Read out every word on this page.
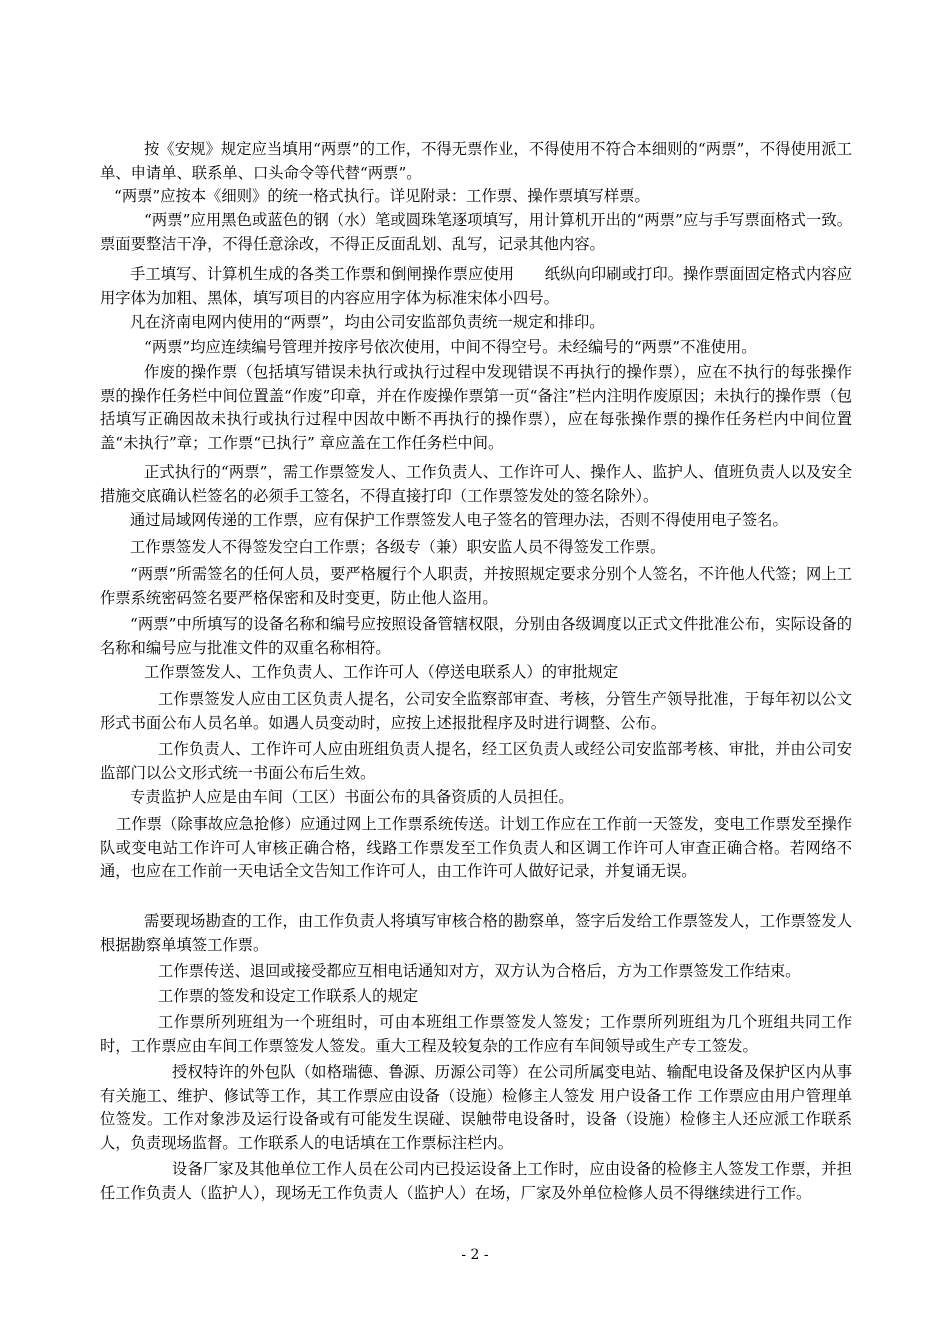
按《安规》规定应当填用“两票”的工作，不得无票作业，不得使用不符合本细则的“两票”，不得使用派工单、申请单、联系单、口头命令等代替“两票”。

“两票”应按本《细则》的统一格式执行。详见附录：工作票、操作票填写样票。

“两票”应用黑色或蓝色的钢（水）笔或圆珠笔逐项填写，用计算机开出的“两票”应与手写票面格式一致。票面要整洁干净，不得任意涂改，不得正反面乱划、乱写，记录其他内容。

手工填写、计算机生成的各类工作票和倒闸操作票应使用　　纸纵向印刷或打印。操作票面固定格式内容应用字体为加粗、黑体，填写项目的内容应用字体为标准宋体小四号。

凡在济南电网内使用的“两票”，均由公司安监部负责统一规定和排印。

“两票”均应连续编号管理并按序号依次使用，中间不得空号。未经编号的“两票”不准使用。

作废的操作票（包括填写错误未执行或执行过程中发现错误不再执行的操作票），应在不执行的每张操作票的操作任务栏中间位置盖“作废”印章，并在作废操作票第一页“备注”栏内注明作废原因；未执行的操作票（包括填写正确因故未执行或执行过程中因故中断不再执行的操作票），应在每张操作票的操作任务栏内中间位置盖“未执行”章；工作票“已执行” 章应盖在工作任务栏中间。

正式执行的“两票”，需工作票签发人、工作负责人、工作许可人、操作人、监护人、值班负责人以及安全措施交底确认栏签名的必须手工签名，不得直接打印（工作票签发处的签名除外）。

通过局域网传递的工作票，应有保护工作票签发人电子签名的管理办法，否则不得使用电子签名。

工作票签发人不得签发空白工作票；各级专（兼）职安监人员不得签发工作票。

“两票”所需签名的任何人员，要严格履行个人职责，并按照规定要求分别个人签名，不许他人代签；网上工作票系统密码签名要严格保密和及时变更，防止他人盗用。

“两票”中所填写的设备名称和编号应按照设备管辖权限，分别由各级调度以正式文件批准公布，实际设备的名称和编号应与批准文件的双重名称相符。

工作票签发人、工作负责人、工作许可人（停送电联系人）的审批规定

工作票签发人应由工区负责人提名，公司安全监察部审查、考核，分管生产领导批准，于每年初以公文形式书面公布人员名单。如遇人员变动时，应按上述报批程序及时进行调整、公布。

工作负责人、工作许可人应由班组负责人提名，经工区负责人或经公司安监部考核、审批，并由公司安监部门以公文形式统一书面公布后生效。

专责监护人应是由车间（工区）书面公布的具备资质的人员担任。

工作票（除事故应急抢修）应通过网上工作票系统传送。计划工作应在工作前一天签发，变电工作票发至操作队或变电站工作许可人审核正确合格，线路工作票发至工作负责人和区调工作许可人审查正确合格。若网络不通，也应在工作前一天电话全文告知工作许可人，由工作许可人做好记录，并复诵无误。

需要现场勘查的工作，由工作负责人将填写审核合格的勘察单，签字后发给工作票签发人，工作票签发人根据勘察单填签工作票。

工作票传送、退回或接受都应互相电话通知对方，双方认为合格后，方为工作票签发工作结束。

工作票的签发和设定工作联系人的规定

工作票所列班组为一个班组时，可由本班组工作票签发人签发；工作票所列班组为几个班组共同工作时，工作票应由车间工作票签发人签发。重大工程及较复杂的工作应有车间领导或生产专工签发。

授权特许的外包队（如格瑞德、鲁源、历源公司等）在公司所属变电站、输配电设备及保护区内从事有关施工、维护、修试等工作，其工作票应由设备（设施）检修主人签发 用户设备工作 工作票应由用户管理单位签发。工作对象涉及运行设备或有可能发生误碰、误触带电设备时，设备（设施）检修主人还应派工作联系人，负责现场监督。工作联系人的电话填在工作票标注栏内。

设备厂家及其他单位工作人员在公司内已投运设备上工作时，应由设备的检修主人签发工作票，并担任工作负责人（监护人），现场无工作负责人（监护人）在场，厂家及外单位检修人员不得继续进行工作。

- 2 -
